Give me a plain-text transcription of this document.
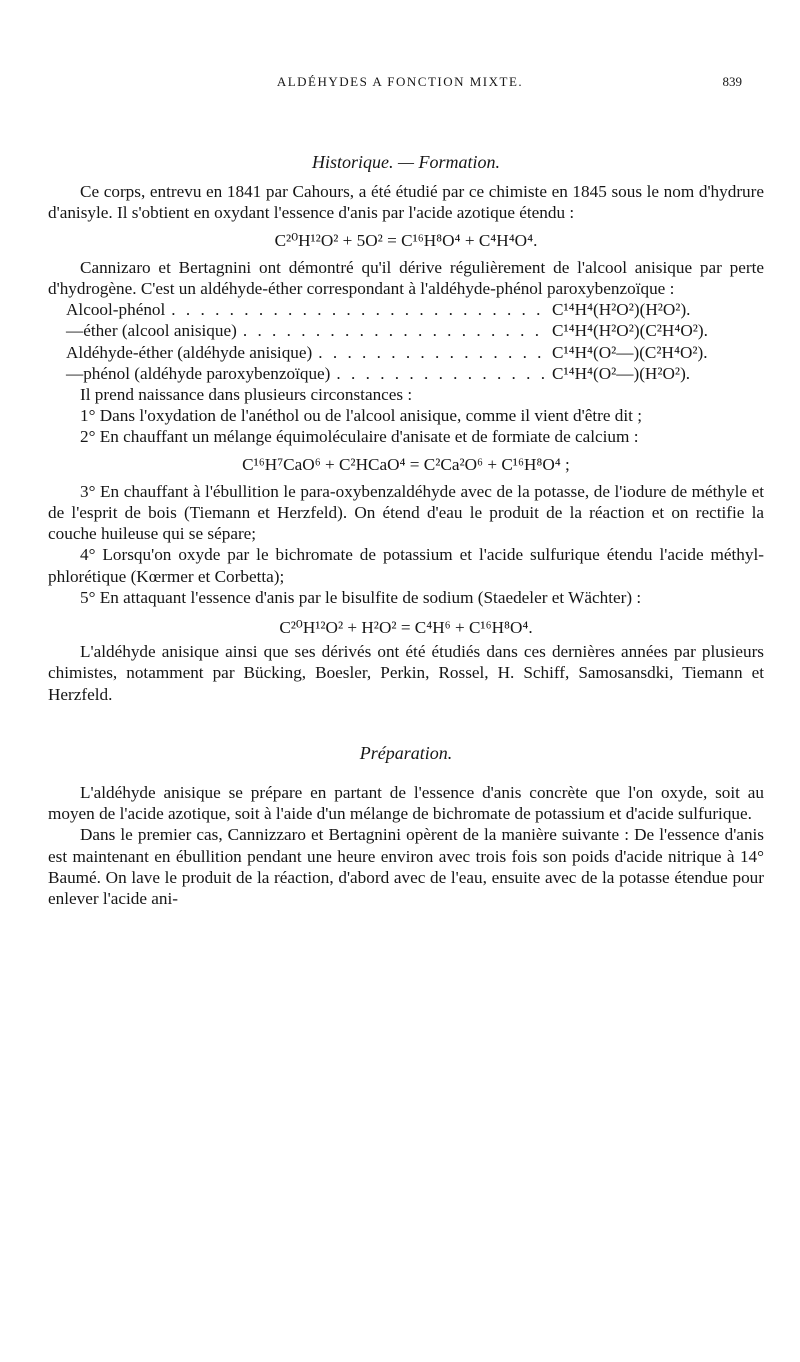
ALDÉHYDES A FONCTION MIXTE.	839
Historique. — Formation.

Ce corps, entrevu en 1841 par Cahours, a été étudié par ce chimiste en 1845 sous le nom d'hydrure d'anisyle. Il s'obtient en oxydant l'essence d'anis par l'acide azotique étendu :

C²⁰H¹²O² + 5O² = C¹⁶H⁸O⁴ + C⁴H⁴O⁴.

Cannizaro et Bertagnini ont démontré qu'il dérive régulièrement de l'alcool anisique par perte d'hydrogène. C'est un aldéhyde-éther correspondant à l'aldéhyde-phénol paroxybenzoïque :

Alcool-phénol . . .	C¹⁴H⁴(H²O²)(H²O²).
— éther (alcool anisique) . . .	C¹⁴H⁴(H²O²)(C²H⁴O²).
Aldéhyde-éther (aldéhyde anisique) . . .	C¹⁴H⁴(O²—)(C²H⁴O²).
— phénol (aldéhyde paroxybenzoïque) . . .	C¹⁴H⁴(O²—)(H²O²).

Il prend naissance dans plusieurs circonstances :

1° Dans l'oxydation de l'anéthol ou de l'alcool anisique, comme il vient d'être dit ;

2° En chauffant un mélange équimoléculaire d'anisate et de formiate de calcium :

C¹⁶H⁷CaO⁶ + C²HCaO⁴ = C²Ca²O⁶ + C¹⁶H⁸O⁴ ;

3° En chauffant à l'ébullition le para-oxybenzaldéhyde avec de la potasse, de l'iodure de méthyle et de l'esprit de bois (Tiemann et Herzfeld). On étend d'eau le produit de la réaction et on rectifie la couche huileuse qui se sépare;

4° Lorsqu'on oxyde par le bichromate de potassium et l'acide sulfurique étendu l'acide méthyl-phlorétique (Kœrmer et Corbetta);

5° En attaquant l'essence d'anis par le bisulfite de sodium (Staedeler et Wächter) :

C²⁰H¹²O² + H²O² = C⁴H⁶ + C¹⁶H⁸O⁴.

L'aldéhyde anisique ainsi que ses dérivés ont été étudiés dans ces dernières années par plusieurs chimistes, notamment par Bücking, Boesler, Perkin, Rossel, H. Schiff, Samosansdki, Tiemann et Herzfeld.

Préparation.

L'aldéhyde anisique se prépare en partant de l'essence d'anis concrète que l'on oxyde, soit au moyen de l'acide azotique, soit à l'aide d'un mélange de bichromate de potassium et d'acide sulfurique.

Dans le premier cas, Cannizzaro et Bertagnini opèrent de la manière suivante : De l'essence d'anis est maintenant en ébullition pendant une heure environ avec trois fois son poids d'acide nitrique à 14° Baumé. On lave le produit de la réaction, d'abord avec de l'eau, ensuite avec de la potasse étendue pour enlever l'acide ani-
